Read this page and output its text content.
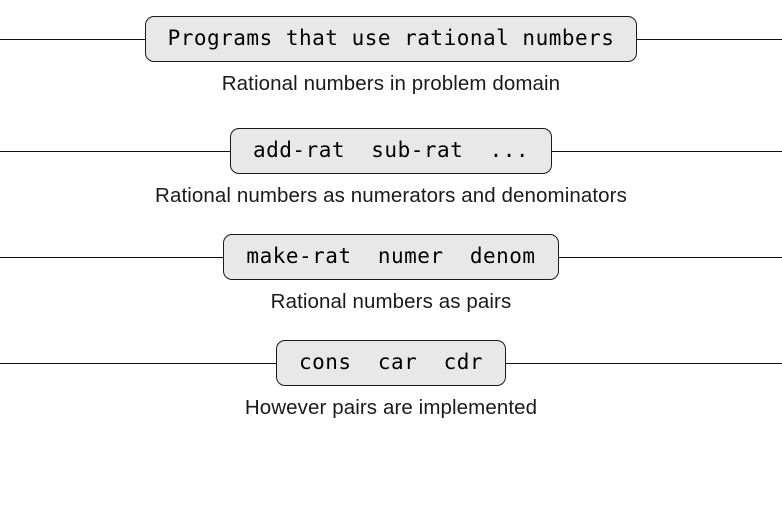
Programs that use rational numbers
Rational numbers in problem domain
add-rat  sub-rat  ...
Rational numbers as numerators and denominators
make-rat  numer  denom
Rational numbers as pairs
cons  car  cdr
However pairs are implemented
